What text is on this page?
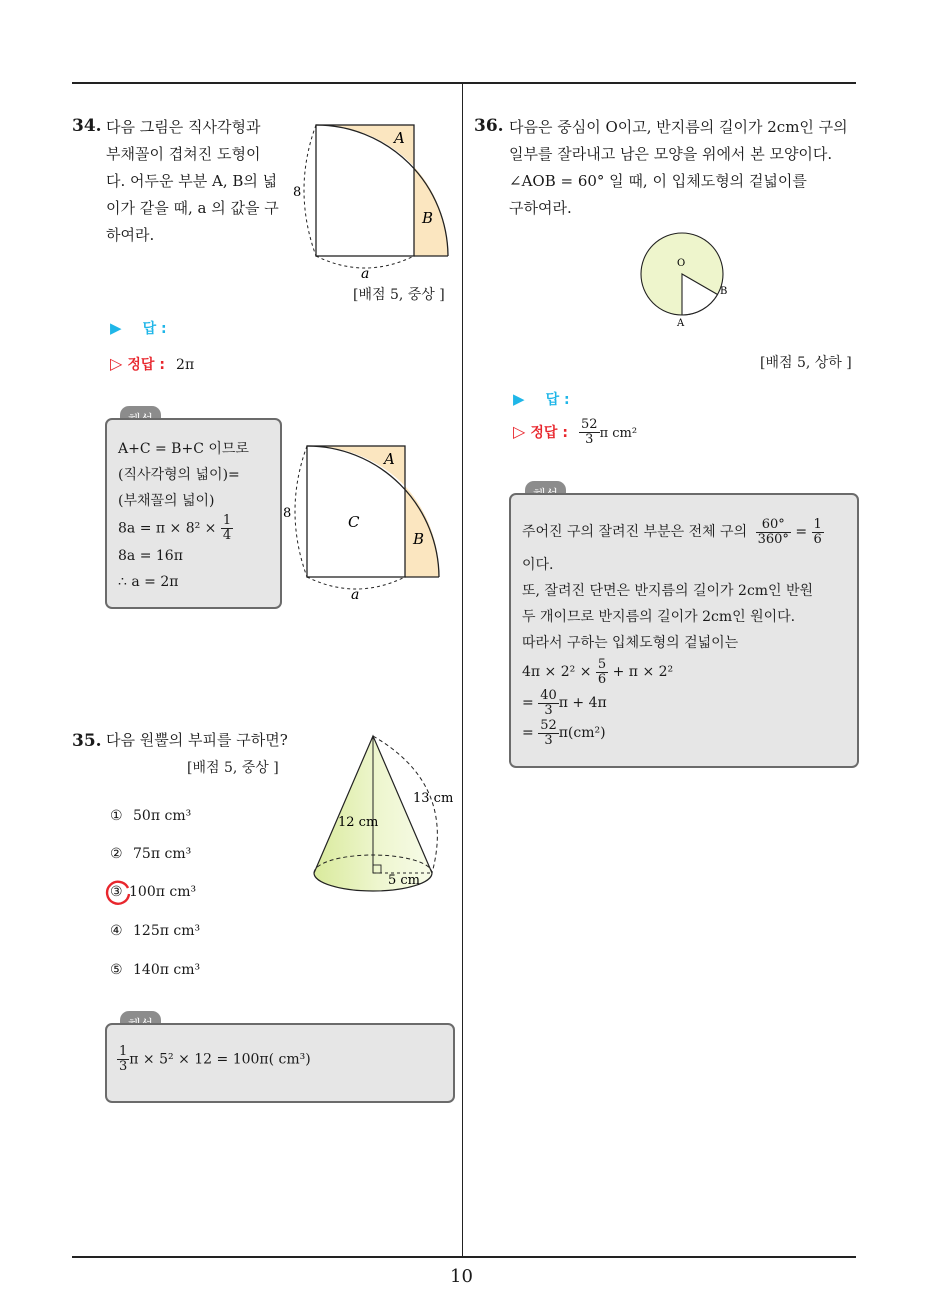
10
34. 다음 그림은 직사각형과
부채꼴이 겹쳐진 도형이
다. 어두운 부분 A, B의 넓
이가 같을 때, a 의 값을 구
하여라.
A
B
8
a
[배점 5, 중상 ]
▶ 답 :
▷ 정답 : 2π
A+C = B+C 이므로
(직사각형의 넓이)=
(부채꼴의 넓이)
$8a = \pi \times 8^2 \times \frac{1}{4}$
8a = 16π
∴ a = 2π
A
B
C
8
a
35. 다음 원뿔의 부피를 구하면?
[배점 5, 중상 ]
13 cm
12 cm
5 cm
① 50π cm³
② 75π cm³
③ 100π cm³
④ 125π cm³
⑤ 140π cm³
$\frac{1}{3}$ π × 5² × 12 = 100π( cm³)
36. 다음은 중심이 O이고, 반지름의 길이가 2cm인 구의
일부를 잘라내고 남은 모양을 위에서 본 모양이다.
∠AOB = 60° 일 때, 이 입체도형의 겉넓이를
구하여라.
O
B
A
[배점 5, 상하 ]
▶ 답 :
▷ 정답 : $\frac{52}{3}$ π cm²
주어진 구의 잘려진 부분은 전체 구의 $\frac{60^\circ}{360^\circ} = \frac{1}{6}$
이다.
또, 잘려진 단면은 반지름의 길이가 2cm인 반원
두 개이므로 반지름의 길이가 2cm인 원이다.
따라서 구하는 입체도형의 겉넓이는
$4\pi \times 2^2 \times \frac{5}{6} + \pi \times 2^2$
= $\frac{40}{3}$ π + 4π
= $\frac{52}{3} \pi(cm^2)$
